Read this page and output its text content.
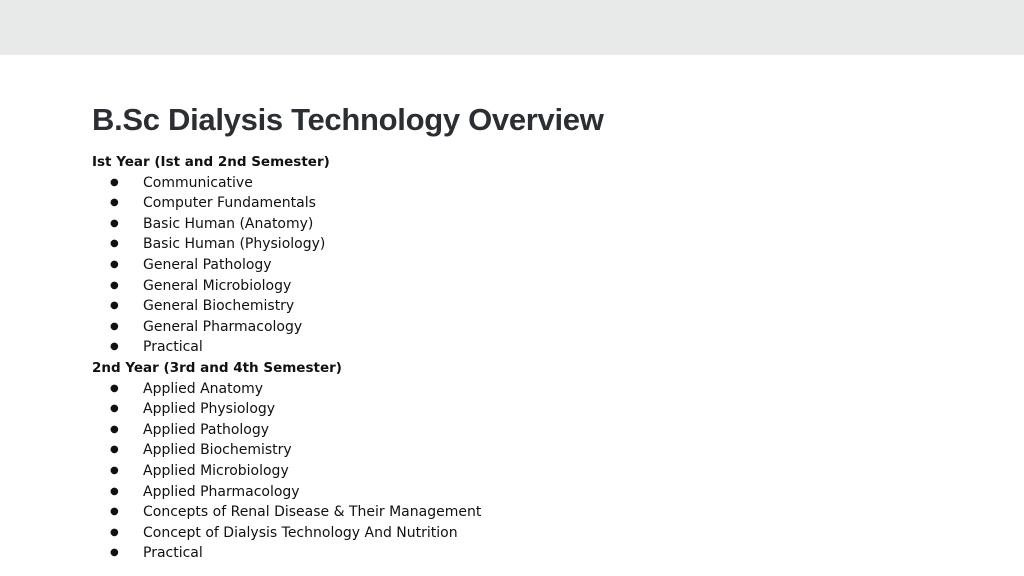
B.Sc Dialysis Technology Overview
Ist Year (Ist and 2nd Semester)
● Communicative
● Computer Fundamentals
● Basic Human (Anatomy)
● Basic Human (Physiology)
● General Pathology
● General Microbiology
● General Biochemistry
● General Pharmacology
● Practical
2nd Year (3rd and 4th Semester)
● Applied Anatomy
● Applied Physiology
● Applied Pathology
● Applied Biochemistry
● Applied Microbiology
● Applied Pharmacology
● Concepts of Renal Disease & Their Management
● Concept of Dialysis Technology And Nutrition
● Practical
